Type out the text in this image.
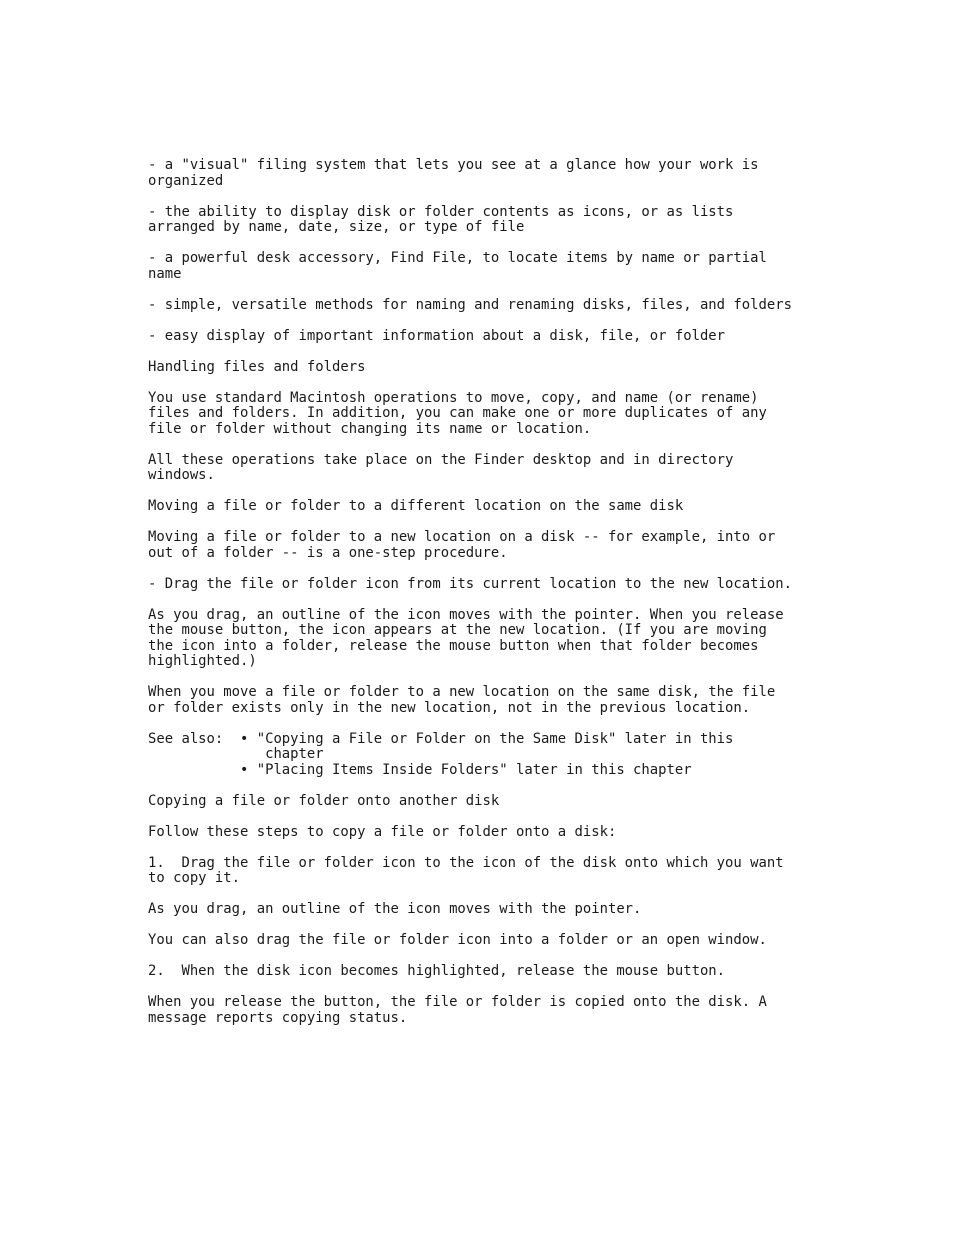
- a "visual" filing system that lets you see at a glance how your work is
organized

- the ability to display disk or folder contents as icons, or as lists
arranged by name, date, size, or type of file

- a powerful desk accessory, Find File, to locate items by name or partial
name

- simple, versatile methods for naming and renaming disks, files, and folders

- easy display of important information about a disk, file, or folder

Handling files and folders

You use standard Macintosh operations to move, copy, and name (or rename)
files and folders. In addition, you can make one or more duplicates of any
file or folder without changing its name or location.

All these operations take place on the Finder desktop and in directory
windows.

Moving a file or folder to a different location on the same disk

Moving a file or folder to a new location on a disk -- for example, into or
out of a folder -- is a one-step procedure.

- Drag the file or folder icon from its current location to the new location.

As you drag, an outline of the icon moves with the pointer. When you release
the mouse button, the icon appears at the new location. (If you are moving
the icon into a folder, release the mouse button when that folder becomes
highlighted.)

When you move a file or folder to a new location on the same disk, the file
or folder exists only in the new location, not in the previous location.

See also:  • "Copying a File or Folder on the Same Disk" later in this
chapter
• "Placing Items Inside Folders" later in this chapter

Copying a file or folder onto another disk

Follow these steps to copy a file or folder onto a disk:

1.  Drag the file or folder icon to the icon of the disk onto which you want
to copy it.

As you drag, an outline of the icon moves with the pointer.

You can also drag the file or folder icon into a folder or an open window.

2.  When the disk icon becomes highlighted, release the mouse button.

When you release the button, the file or folder is copied onto the disk. A
message reports copying status.
